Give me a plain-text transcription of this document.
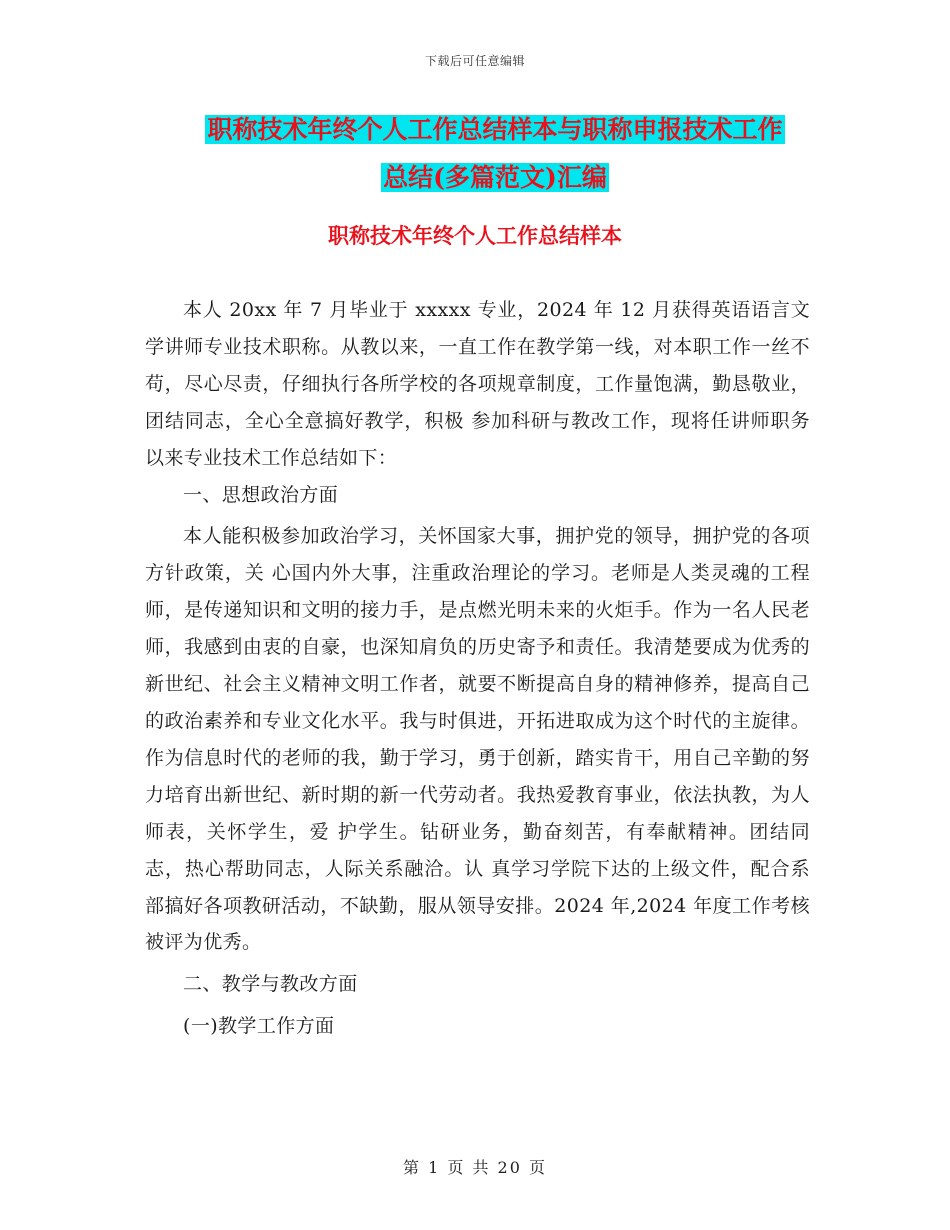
下载后可任意编辑
职称技术年终个人工作总结样本与职称申报技术工作
总结(多篇范文)汇编
职称技术年终个人工作总结样本

本人 20xx 年 7 月毕业于 xxxxx 专业，2024 年 12 月获得英语语言文学讲师专业技术职称。从教以来，一直工作在教学第一线，对本职工作一丝不苟，尽心尽责，仔细执行各所学校的各项规章制度，工作量饱满，勤恳敬业，团结同志，全心全意搞好教学，积极 参加科研与教改工作，现将任讲师职务以来专业技术工作总结如下：

一、思想政治方面

本人能积极参加政治学习，关怀国家大事，拥护党的领导，拥护党的各项方针政策，关 心国内外大事，注重政治理论的学习。老师是人类灵魂的工程师，是传递知识和文明的接力手，是点燃光明未来的火炬手。作为一名人民老师，我感到由衷的自豪，也深知肩负的历史寄予和责任。我清楚要成为优秀的新世纪、社会主义精神文明工作者，就要不断提高自身的精神修养，提高自己的政治素养和专业文化水平。我与时俱进，开拓进取成为这个时代的主旋律。作为信息时代的老师的我，勤于学习，勇于创新，踏实肯干，用自己辛勤的努力培育出新世纪、新时期的新一代劳动者。我热爱教育事业，依法执教，为人师表，关怀学生，爱 护学生。钻研业务，勤奋刻苦，有奉献精神。团结同志，热心帮助同志，人际关系融洽。认 真学习学院下达的上级文件，配合系部搞好各项教研活动，不缺勤，服从领导安排。2024 年,2024 年度工作考核被评为优秀。

二、教学与教改方面

(一)教学工作方面

第 1 页 共 20 页
